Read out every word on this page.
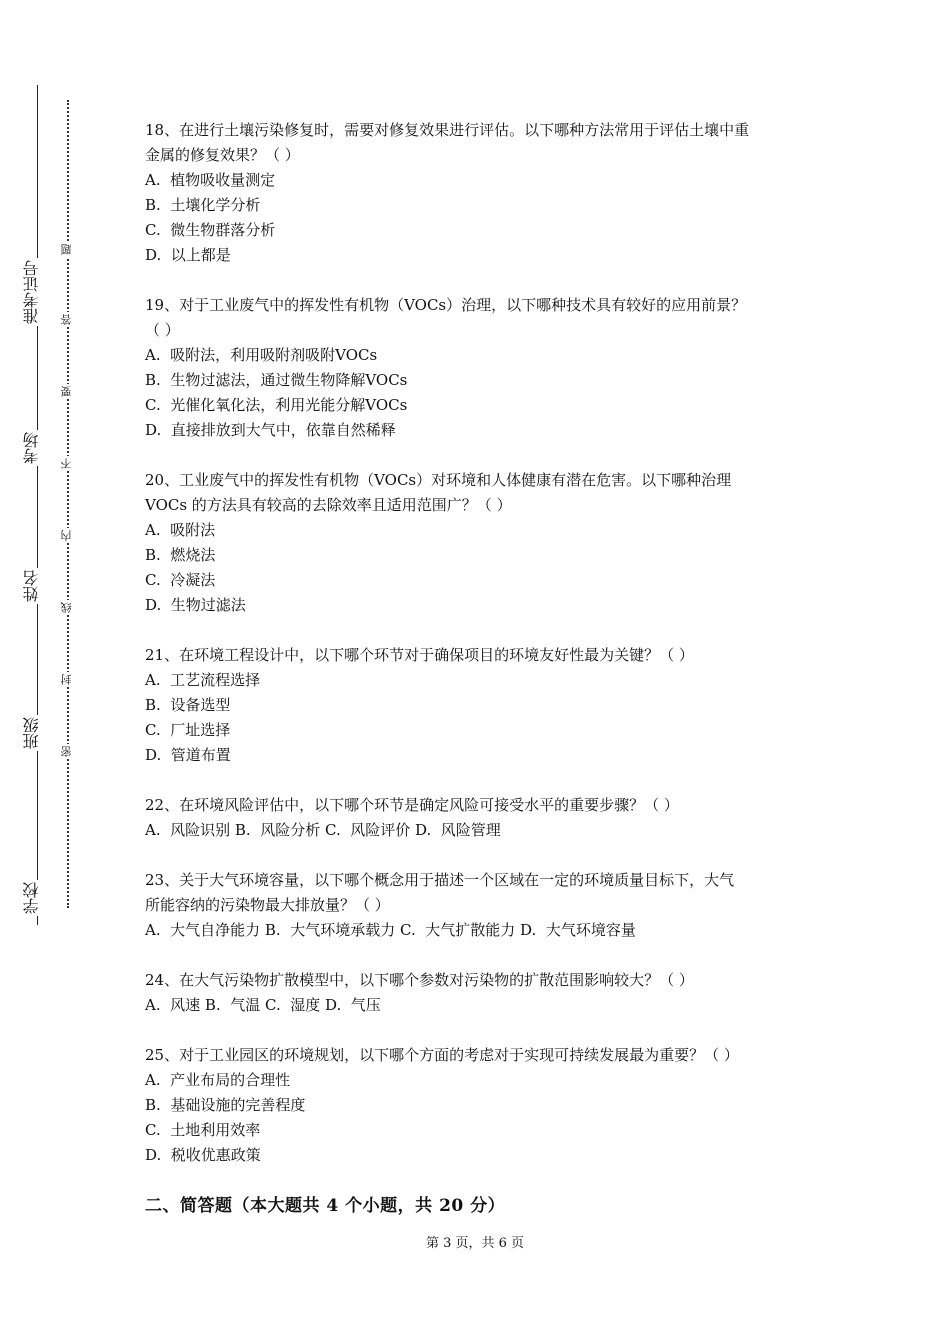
准考证号
考场
姓名
班级
学校
题
答
要
不
内
线
封
密
18、在进行土壤污染修复时，需要对修复效果进行评估。以下哪种方法常用于评估土壤中重
金属的修复效果？（ ）
A.  植物吸收量测定
B.  土壤化学分析
C.  微生物群落分析
D.  以上都是
19、对于工业废气中的挥发性有机物（VOCs）治理，以下哪种技术具有较好的应用前景？
（ ）
A.  吸附法，利用吸附剂吸附VOCs
B.  生物过滤法，通过微生物降解VOCs
C.  光催化氧化法，利用光能分解VOCs
D.  直接排放到大气中，依靠自然稀释
20、工业废气中的挥发性有机物（VOCs）对环境和人体健康有潜在危害。以下哪种治理
VOCs 的方法具有较高的去除效率且适用范围广？（ ）
A.  吸附法
B.  燃烧法
C.  冷凝法
D.  生物过滤法
21、在环境工程设计中，以下哪个环节对于确保项目的环境友好性最为关键？（ ）
A.  工艺流程选择
B.  设备选型
C.  厂址选择
D.  管道布置
22、在环境风险评估中，以下哪个环节是确定风险可接受水平的重要步骤？（ ）
A.  风险识别 B.  风险分析 C.  风险评价 D.  风险管理
23、关于大气环境容量，以下哪个概念用于描述一个区域在一定的环境质量目标下，大气
所能容纳的污染物最大排放量？（ ）
A.  大气自净能力 B.  大气环境承载力 C.  大气扩散能力 D.  大气环境容量
24、在大气污染物扩散模型中，以下哪个参数对污染物的扩散范围影响较大？（ ）
A.  风速 B.  气温 C.  湿度 D.  气压
25、对于工业园区的环境规划，以下哪个方面的考虑对于实现可持续发展最为重要？（ ）
A.  产业布局的合理性
B.  基础设施的完善程度
C.  土地利用效率
D.  税收优惠政策
二、简答题（本大题共 4 个小题，共 20 分）
第 3 页，共 6 页
